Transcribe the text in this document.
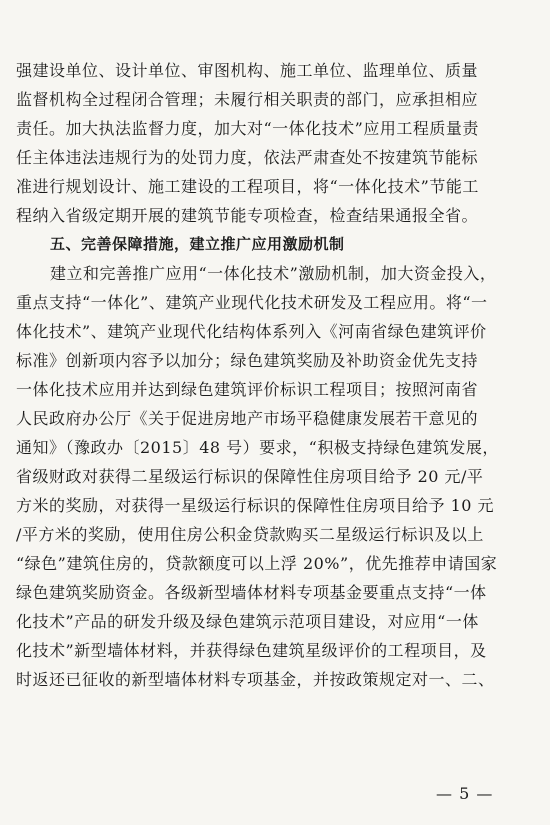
强建设单位、设计单位、审图机构、施工单位、监理单位、质量
监督机构全过程闭合管理；未履行相关职责的部门，应承担相应
责任。加大执法监督力度，加大对“一体化技术”应用工程质量责
任主体违法违规行为的处罚力度，依法严肃查处不按建筑节能标
准进行规划设计、施工建设的工程项目，将“一体化技术”节能工
程纳入省级定期开展的建筑节能专项检查，检查结果通报全省。
五、完善保障措施，建立推广应用激励机制
建立和完善推广应用“一体化技术”激励机制，加大资金投入，
重点支持“一体化”、建筑产业现代化技术研发及工程应用。将“一
体化技术”、建筑产业现代化结构体系列入《河南省绿色建筑评价
标准》创新项内容予以加分；绿色建筑奖励及补助资金优先支持
一体化技术应用并达到绿色建筑评价标识工程项目；按照河南省
人民政府办公厅《关于促进房地产市场平稳健康发展若干意见的
通知》（豫政办〔2015〕48 号）要求，“积极支持绿色建筑发展，
省级财政对获得二星级运行标识的保障性住房项目给予 20 元/平
方米的奖励，对获得一星级运行标识的保障性住房项目给予 10 元
/平方米的奖励，使用住房公积金贷款购买二星级运行标识及以上
“绿色”建筑住房的，贷款额度可以上浮 20%”，优先推荐申请国家
绿色建筑奖励资金。各级新型墙体材料专项基金要重点支持“一体
化技术”产品的研发升级及绿色建筑示范项目建设，对应用“一体
化技术”新型墙体材料，并获得绿色建筑星级评价的工程项目，及
时返还已征收的新型墙体材料专项基金，并按政策规定对一、二、
— 5 —
